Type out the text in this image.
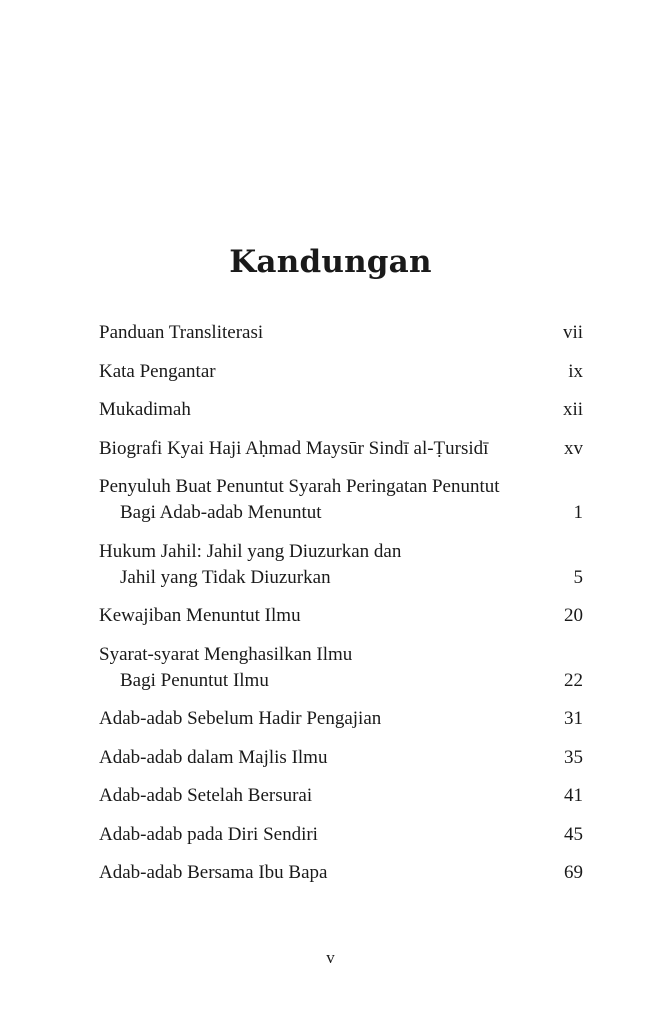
Kandungan
Panduan Transliterasi	vii
Kata Pengantar	ix
Mukadimah	xii
Biografi Kyai Haji Aḥmad Maysūr Sindī al-Ṭursidī	xv
Penyuluh Buat Penuntut Syarah Peringatan Penuntut
Bagi Adab-adab Menuntut	1
Hukum Jahil: Jahil yang Diuzurkan dan
Jahil yang Tidak Diuzurkan	5
Kewajiban Menuntut Ilmu	20
Syarat-syarat Menghasilkan Ilmu
Bagi Penuntut Ilmu	22
Adab-adab Sebelum Hadir Pengajian	31
Adab-adab dalam Majlis Ilmu	35
Adab-adab Setelah Bersurai	41
Adab-adab pada Diri Sendiri	45
Adab-adab Bersama Ibu Bapa	69
v
